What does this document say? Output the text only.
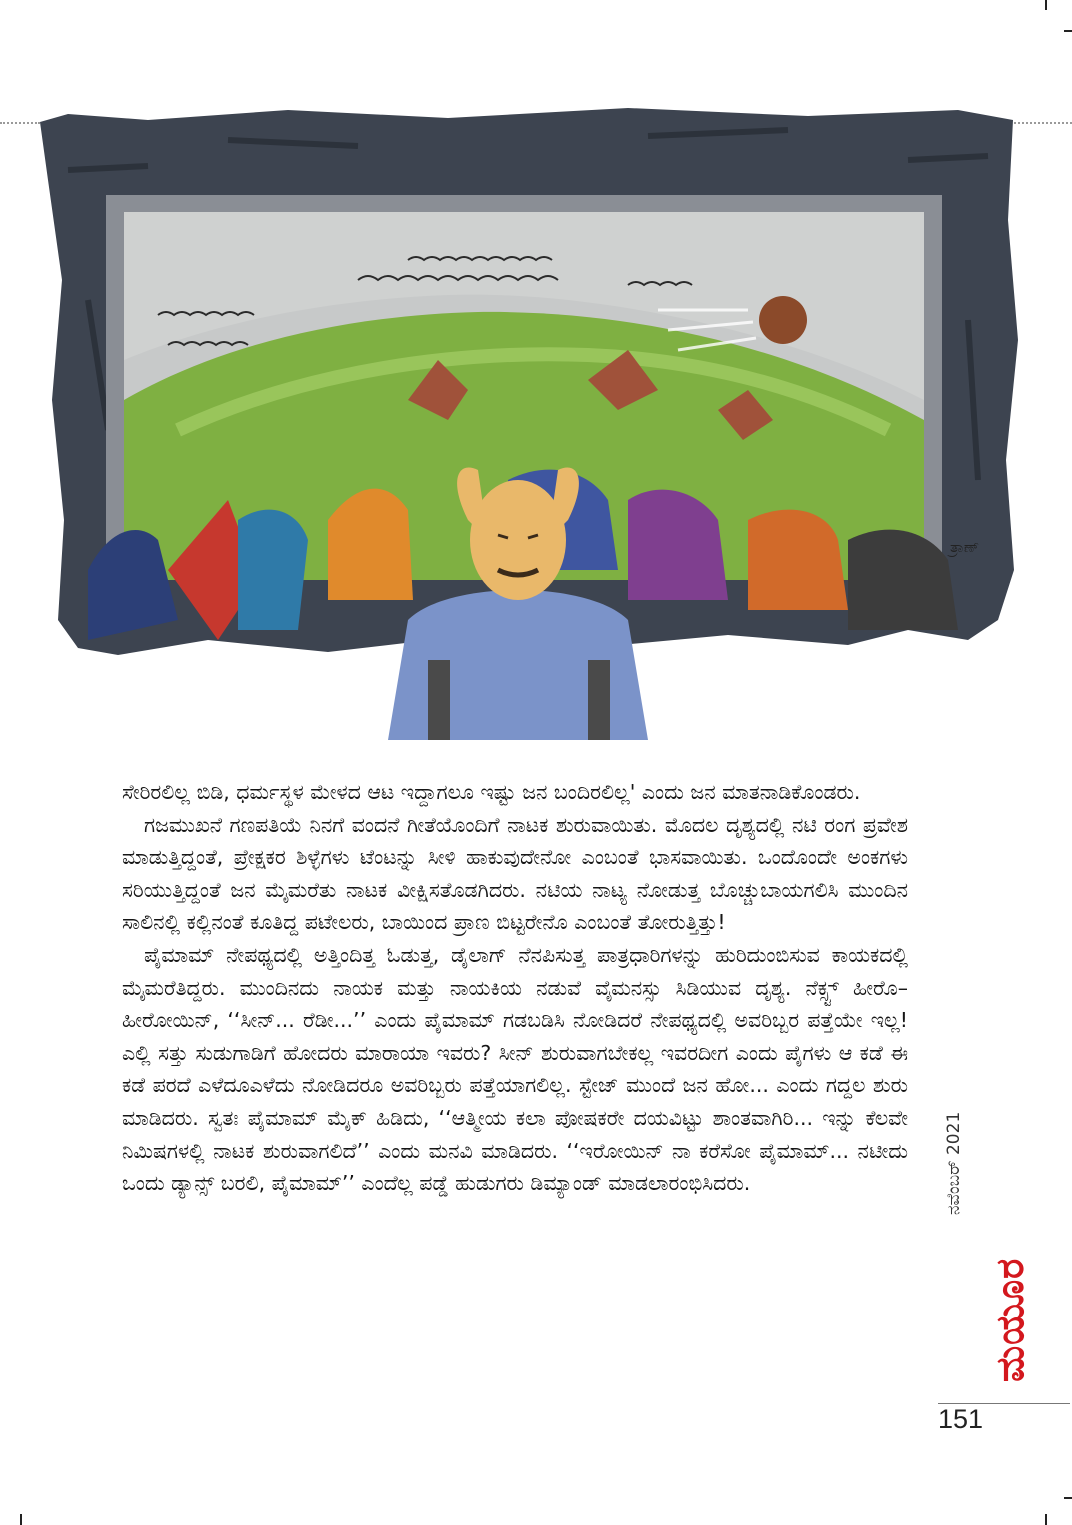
ತ್ರಾಣ್

ಸೇರಿರಲಿಲ್ಲ ಬಿಡಿ, ಧರ್ಮಸ್ಥಳ ಮೇಳದ ಆಟ ಇದ್ದಾಗಲೂ ಇಷ್ಟು ಜನ ಬಂದಿರಲಿಲ್ಲ' ಎಂದು ಜನ ಮಾತನಾಡಿಕೊಂಡರು.

ಗಜಮುಖನೆ ಗಣಪತಿಯೆ ನಿನಗೆ ವಂದನೆ ಗೀತೆಯೊಂದಿಗೆ ನಾಟಕ ಶುರುವಾಯಿತು. ಮೊದಲ ದೃಶ್ಯದಲ್ಲಿ ನಟಿ ರಂಗ ಪ್ರವೇಶ ಮಾಡುತ್ತಿದ್ದಂತೆ, ಪ್ರೇಕ್ಷಕರ ಶಿಳ್ಳೆಗಳು ಟೆಂಟನ್ನು ಸೀಳಿ ಹಾಕುವುದೇನೋ ಎಂಬಂತೆ ಭಾಸವಾಯಿತು. ಒಂದೊಂದೇ ಅಂಕಗಳು ಸರಿಯುತ್ತಿದ್ದಂತೆ ಜನ ಮೈಮರೆತು ನಾಟಕ ವೀಕ್ಷಿಸತೊಡಗಿದರು. ನಟಿಯ ನಾಟ್ಯ ನೋಡುತ್ತ ಬೊಚ್ಚುಬಾಯಗಲಿಸಿ ಮುಂದಿನ ಸಾಲಿನಲ್ಲಿ ಕಲ್ಲಿನಂತೆ ಕೂತಿದ್ದ ಪಟೇಲರು, ಬಾಯಿಂದ ಪ್ರಾಣ ಬಿಟ್ಟರೇನೊ ಎಂಬಂತೆ ತೋರುತ್ತಿತ್ತು!

ಪೈಮಾಮ್ ನೇಪಥ್ಯದಲ್ಲಿ ಅತ್ತಿಂದಿತ್ತ ಓಡುತ್ತ, ಡೈಲಾಗ್ ನೆನಪಿಸುತ್ತ ಪಾತ್ರಧಾರಿಗಳನ್ನು ಹುರಿದುಂಬಿಸುವ ಕಾಯಕದಲ್ಲಿ ಮೈಮರೆತಿದ್ದರು. ಮುಂದಿನದು ನಾಯಕ ಮತ್ತು ನಾಯಕಿಯ ನಡುವೆ ವೈಮನಸ್ಸು ಸಿಡಿಯುವ ದೃಶ್ಯ. ನೆಕ್ಸ್ಟ್ ಹೀರೊ–ಹೀರೋಯಿನ್, ‘‘ಸೀನ್... ರೆಡೀ...’’ ಎಂದು ಪೈಮಾಮ್ ಗಡಬಡಿಸಿ ನೋಡಿದರೆ ನೇಪಥ್ಯದಲ್ಲಿ ಅವರಿಬ್ಬರ ಪತ್ತೆಯೇ ಇಲ್ಲ! ಎಲ್ಲಿ ಸತ್ತು ಸುಡುಗಾಡಿಗೆ ಹೋದರು ಮಾರಾಯಾ ಇವರು? ಸೀನ್ ಶುರುವಾಗಬೇಕಲ್ಲ ಇವರದೀಗ ಎಂದು ಪೈಗಳು ಆ ಕಡೆ ಈ ಕಡೆ ಪರದೆ ಎಳೆದೂಎಳೆದು ನೋಡಿದರೂ ಅವರಿಬ್ಬರು ಪತ್ತೆಯಾಗಲಿಲ್ಲ. ಸ್ಟೇಜ್ ಮುಂದೆ ಜನ ಹೋ... ಎಂದು ಗದ್ದಲ ಶುರು ಮಾಡಿದರು. ಸ್ವತಃ ಪೈಮಾಮ್ ಮೈಕ್ ಹಿಡಿದು, ‘‘ಆತ್ಮೀಯ ಕಲಾ ಪೋಷಕರೇ ದಯವಿಟ್ಟು ಶಾಂತವಾಗಿರಿ... ಇನ್ನು ಕೆಲವೇ ನಿಮಿಷಗಳಲ್ಲಿ ನಾಟಕ ಶುರುವಾಗಲಿದೆ’’ ಎಂದು ಮನವಿ ಮಾಡಿದರು. ‘‘ಇರೋಯಿನ್ ನಾ ಕರೆಸೋ ಪೈಮಾಮ್... ನಟೀದು ಒಂದು ಡ್ಯಾನ್ಸ್ ಬರಲಿ, ಪೈಮಾಮ್’’ ಎಂದೆಲ್ಲ ಪಡ್ಡೆ ಹುಡುಗರು ಡಿಮ್ಯಾಂಡ್ ಮಾಡಲಾರಂಭಿಸಿದರು.	ನವೆಂಬರ್ 2021
ಮಯೂರ
151
